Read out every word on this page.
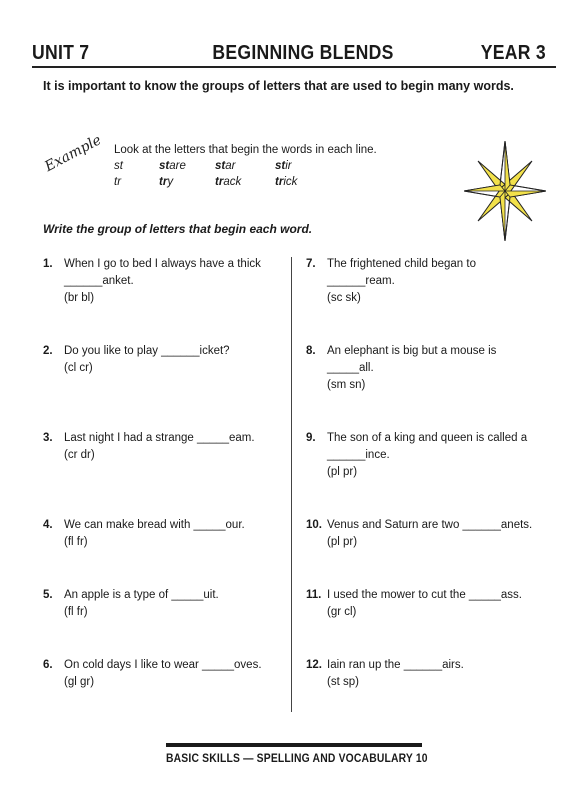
UNIT 7	BEGINNING BLENDS	YEAR 3
It is important to know the groups of letters that are used to begin many words.
Example Look at the letters that begin the words in each line.
st	stare	star	stir
tr	try	track	trick
Write the group of letters that begin each word.
1. When I go to bed I always have a thick
______anket.
(br bl)
2. Do you like to play ______icket?
(cl cr)
3. Last night I had a strange _____eam.
(cr dr)
4. We can make bread with _____our.
(fl fr)
5. An apple is a type of _____uit.
(fl fr)
6. On cold days I like to wear _____oves.
(gl gr)
7. The frightened child began to
______ream.
(sc sk)
8. An elephant is big but a mouse is
_____all.
(sm sn)
9. The son of a king and queen is called a
______ince.
(pl pr)
10. Venus and Saturn are two ______anets.
(pl pr)
11. I used the mower to cut the _____ass.
(gr cl)
12. Iain ran up the ______airs.
(st sp)
BASIC SKILLS — SPELLING AND VOCABULARY 10
